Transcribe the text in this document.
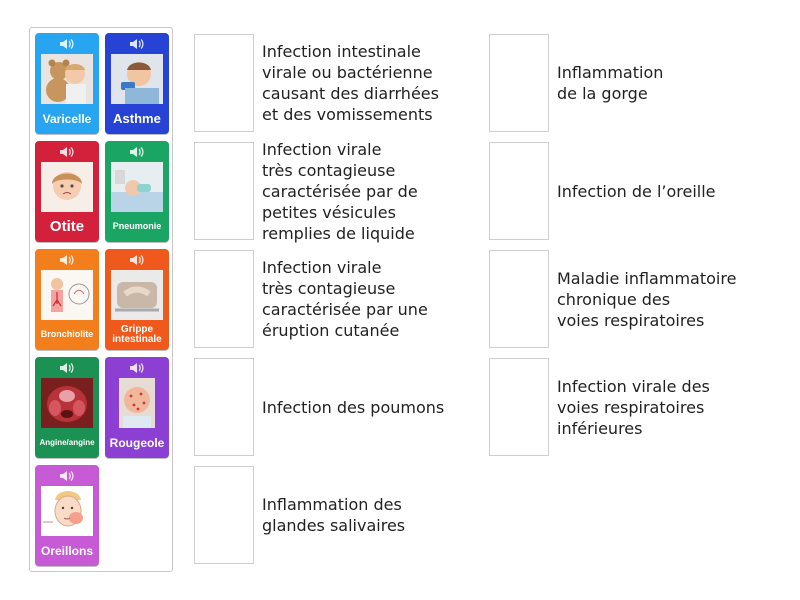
Varicelle	Asthme
Otite	Pneumonie
Bronchiolite	Grippe intestinale
Angine/angine	Rougeole
Oreillons
Infection intestinale
virale ou bactérienne
causant des diarrhées
et des vomissements
Infection virale
très contagieuse
caractérisée par de
petites vésicules
remplies de liquide
Infection virale
très contagieuse
caractérisée par une
éruption cutanée
Infection des poumons
Inflammation des
glandes salivaires
Inflammation
de la gorge
Infection de l’oreille
Maladie inflammatoire
chronique des
voies respiratoires
Infection virale des
voies respiratoires
inférieures
